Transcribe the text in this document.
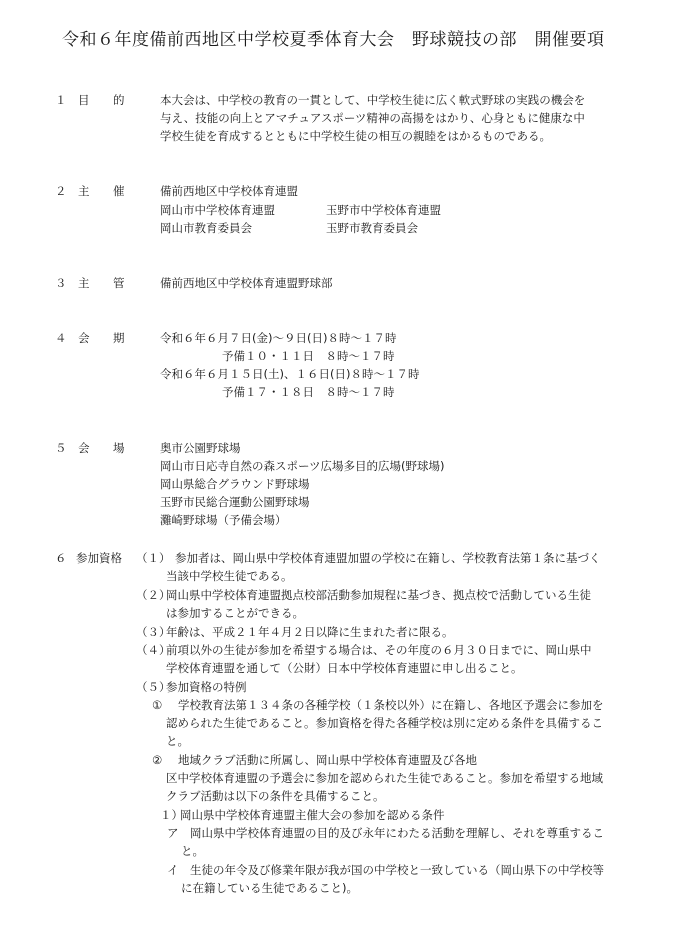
令和６年度備前西地区中学校夏季体育大会　野球競技の部　開催要項
１ 目　的	本大会は、中学校の教育の一貫として、中学校生徒に広く軟式野球の実践の機会を
与え、技能の向上とアマチュアスポーツ精神の高揚をはかり、心身ともに健康な中
学校生徒を育成するとともに中学校生徒の相互の親睦をはかるものである。
２ 主　催	備前西地区中学校体育連盟
岡山市中学校体育連盟	玉野市中学校体育連盟
岡山市教育委員会	玉野市教育委員会
３ 主　管	備前西地区中学校体育連盟野球部
４ 会　期	令和６年６月７日(金)～９日(日)８時～１７時
予備１０・１１日　８時～１７時
令和６年６月１５日(土)、１６日(日)８時～１７時
予備１７・１８日　８時～１７時
５ 会　場	奥市公園野球場
岡山市日応寺自然の森スポーツ広場多目的広場(野球場)
岡山県総合グラウンド野球場
玉野市民総合運動公園野球場
灘崎野球場（予備会場）
６ 参加資格 （１） 参加者は、岡山県中学校体育連盟加盟の学校に在籍し、学校教育法第１条に基づく
当該中学校生徒である。
（２）
岡山県中学校体育連盟拠点校部活動参加規程に基づき、拠点校で活動している生徒
は参加することができる。
（３）
年齢は、平成２１年４月２日以降に生まれた者に限る。
（４）
前項以外の生徒が参加を希望する場合は、その年度の６月３０日までに、岡山県中
学校体育連盟を通して（公財）日本中学校体育連盟に申し出ること。
（５）
参加資格の特例
① 学校教育法第１３４条の各種学校（１条校以外）に在籍し、各地区予選会に参加を
認められた生徒であること。参加資格を得た各種学校は別に定める条件を具備するこ
と。
② 地域クラブ活動に所属し、岡山県中学校体育連盟及び各地
区中学校体育連盟の予選会に参加を認められた生徒であること。参加を希望する地域
クラブ活動は以下の条件を具備すること。
１）
岡山県中学校体育連盟主催大会の参加を認める条件
ア 岡山県中学校体育連盟の目的及び永年にわたる活動を理解し、それを尊重するこ
と。
イ 生徒の年令及び修業年限が我が国の中学校と一致している（岡山県下の中学校等
に在籍している生徒であること)。
